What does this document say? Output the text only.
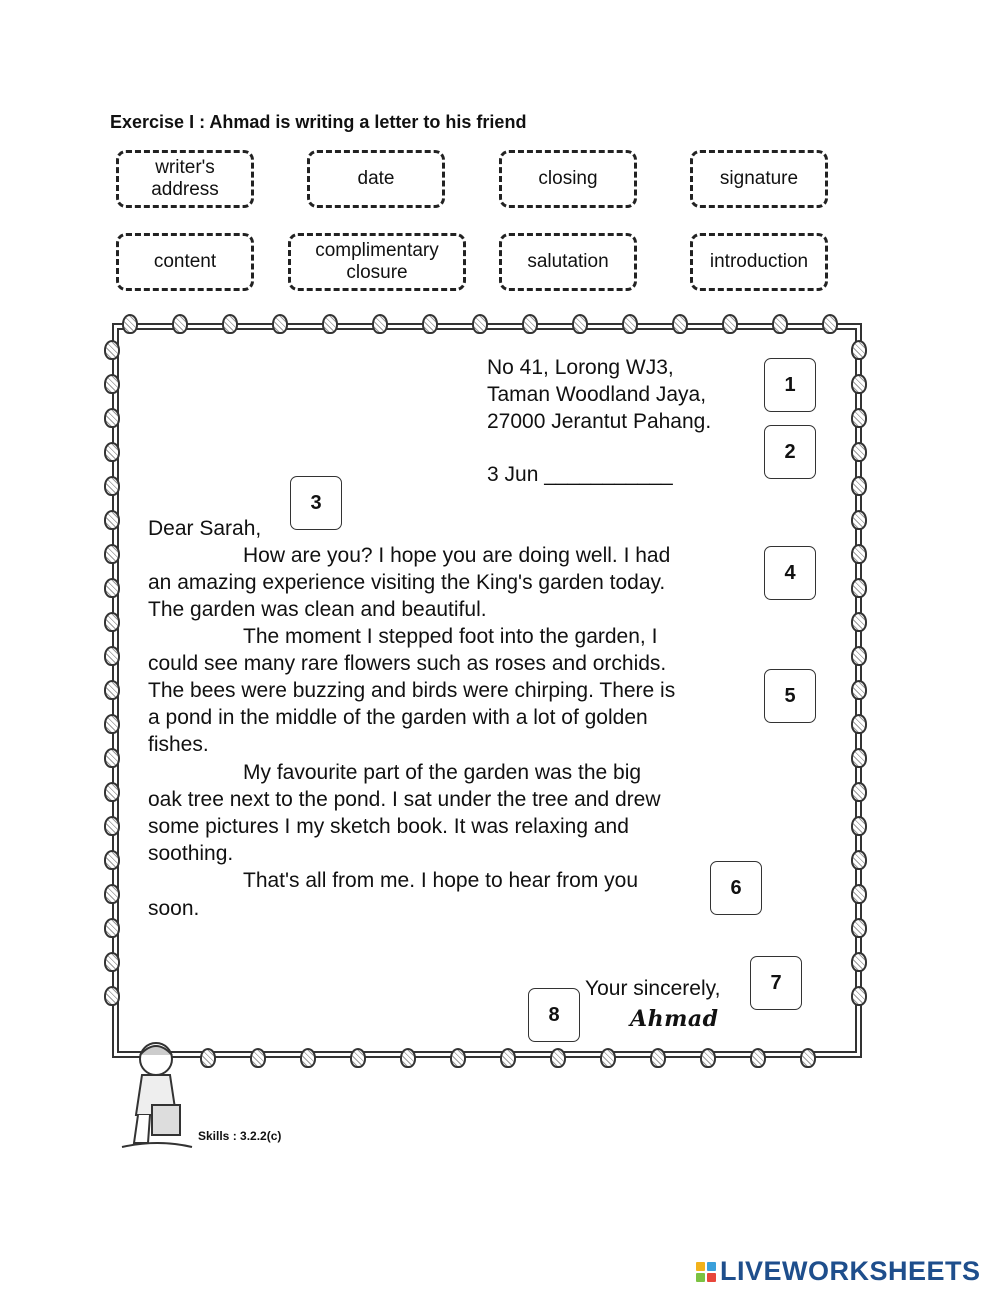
Exercise I : Ahmad is writing a letter to his friend
writer's address
date	closing	signature
content
complimentary closure
salutation	introduction
No 41, Lorong WJ3,
Taman Woodland Jaya,
27000 Jerantut Pahang.
3 Jun ___________
Dear Sarah,
How are you? I hope you are doing well. I had
an amazing experience visiting the King's garden today.
The garden was clean and beautiful.
The moment I stepped foot into the garden, I
could see many rare flowers such as roses and orchids.
The bees were buzzing and birds were chirping. There is
a pond in the middle of the garden with a lot of golden
fishes.
My favourite part of the garden was the big
oak tree next to the pond. I sat under the tree and drew
some pictures I my sketch book. It was relaxing and
soothing.
That's all from me. I hope to hear from you
soon.
Your sincerely,
Ahmad
1
2
3
4
5
6
7
8
Skills : 3.2.2(c)
LIVEWORKSHEETS
